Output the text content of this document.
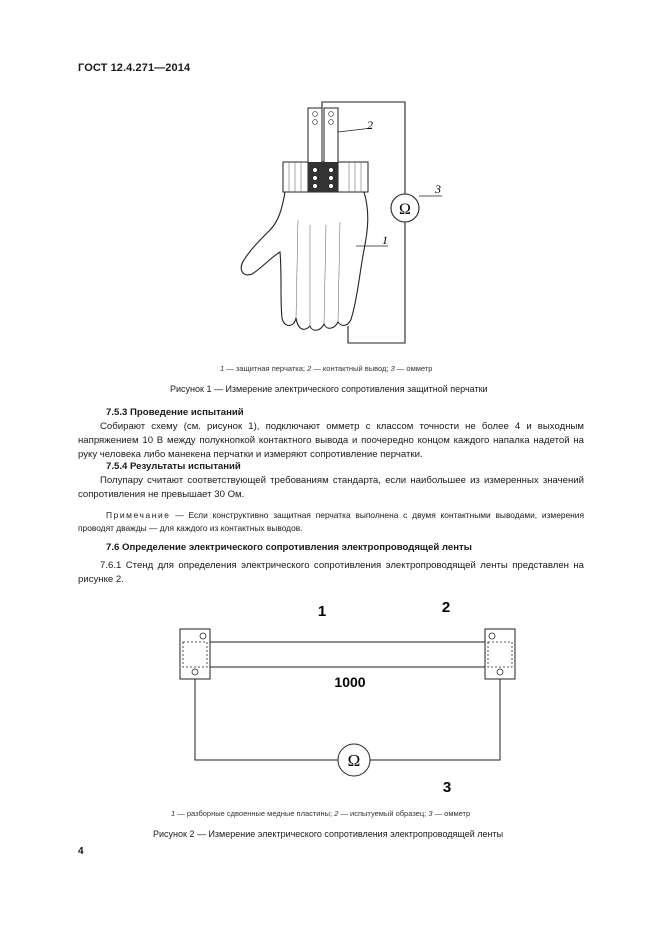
ГОСТ 12.4.271—2014
Ω
2
3
1
1 — защитная перчатка; 2 — контактный вывод; 3 — омметр
Рисунок 1 — Измерение электрического сопротивления защитной перчатки
7.5.3 Проведение испытаний
Собирают схему (см. рисунок 1), подключают омметр с классом точности не более 4 и выходным напряжением 10 В между полукнопкой контактного вывода и поочередно концом каждого напалка надетой на руку человека либо манекена перчатки и измеряют сопротивление перчатки.
7.5.4 Результаты испытаний
Полупару считают соответствующей требованиям стандарта, если наибольшее из измеренных значений сопротивления не превышает 30 Ом.
Примечание — Если конструктивно защитная перчатка выполнена с двумя контактными выводами, измерения проводят дважды — для каждого из контактных выводов.
7.6 Определение электрического сопротивления электропроводящей ленты
7.6.1 Стенд для определения электрического сопротивления электропроводящей ленты представлен на рисунке 2.
1	2
1000
Ω
3
1 — разборные сдвоенные медные пластины; 2 — испытуемый образец; 3 — омметр
Рисунок 2 — Измерение электрического сопротивления электропроводящей ленты
4
